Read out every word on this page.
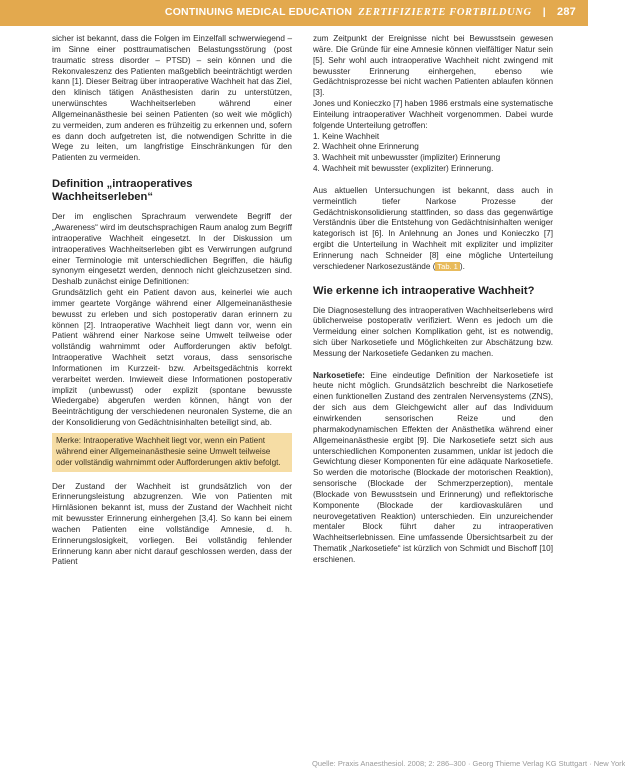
CONTINUING MEDICAL EDUCATION ZERTIFIZIERTE FORTBILDUNG | 287

sicher ist bekannt, dass die Folgen im Einzelfall schwerwiegend – im Sinne einer posttraumatischen Belastungsstörung (post traumatic stress disorder – PTSD) – sein können und die Rekonvaleszenz des Patienten maßgeblich beeinträchtigt werden kann [1]. Dieser Beitrag über intraoperative Wachheit hat das Ziel, den klinisch tätigen Anästhesisten darin zu unterstützen, unerwünschtes Wachheitserleben während einer Allgemeinanästhesie bei seinen Patienten (so weit wie möglich) zu vermeiden, zum anderen es frühzeitig zu erkennen und, sofern es dann doch aufgetreten ist, die notwendigen Schritte in die Wege zu leiten, um langfristige Einschränkungen für den Patienten zu vermeiden.

Definition „intraoperatives Wachheitserleben“

Der im englischen Sprachraum verwendete Begriff der „Awareness“ wird im deutschsprachigen Raum analog zum Begriff intraoperative Wachheit eingesetzt. In der Diskussion um intraoperatives Wachheitserleben gibt es Verwirrungen aufgrund einer Terminologie mit unterschiedlichen Begriffen, die häufig synonym eingesetzt werden, dennoch nicht gleichzusetzen sind. Deshalb zunächst einige Definitionen:

Grundsätzlich geht ein Patient davon aus, keinerlei wie auch immer geartete Vorgänge während einer Allgemeinanästhesie bewusst zu erleben und sich postoperativ daran erinnern zu können [2]. Intraoperative Wachheit liegt dann vor, wenn ein Patient während einer Narkose seine Umwelt teilweise oder vollständig wahrnimmt oder Aufforderungen aktiv befolgt. Intraoperative Wachheit setzt voraus, dass sensorische Informationen im Kurzzeit- bzw. Arbeitsgedächtnis korrekt verarbeitet werden. Inwieweit diese Informationen postoperativ implizit (unbewusst) oder explizit (spontane bewusste Wiedergabe) abgerufen werden können, hängt von der Beeinträchtigung der verschiedenen neuronalen Systeme, die an der Konsolidierung von Gedächtnisinhalten beteiligt sind, ab.

Merke: Intraoperative Wachheit liegt vor, wenn ein Patient während einer Allgemeinanästhesie seine Umwelt teilweise oder vollständig wahrnimmt oder Aufforderungen aktiv befolgt.

Der Zustand der Wachheit ist grundsätzlich von der Erinnerungsleistung abzugrenzen. Wie von Patienten mit Hirnläsionen bekannt ist, muss der Zustand der Wachheit nicht mit bewusster Erinnerung einhergehen [3,4]. So kann bei einem wachen Patienten eine vollständige Amnesie, d. h. Erinnerungslosigkeit, vorliegen. Bei vollständig fehlender Erinnerung kann aber nicht darauf geschlossen werden, dass der Patient

zum Zeitpunkt der Ereignisse nicht bei Bewusstsein gewesen wäre. Die Gründe für eine Amnesie können vielfältiger Natur sein [5]. Sehr wohl auch intraoperative Wachheit nicht zwingend mit bewusster Erinnerung einhergehen, ebenso wie Gedächtnisprozesse bei nicht wachen Patienten ablaufen können [3].

Jones und Konieczko [7] haben 1986 erstmals eine systematische Einteilung intraoperativer Wachheit vorgenommen. Dabei wurde folgende Unterteilung getroffen:

1. Keine Wachheit
2. Wachheit ohne Erinnerung
3. Wachheit mit unbewusster (impliziter) Erinnerung
4. Wachheit mit bewusster (expliziter) Erinnerung.

Aus aktuellen Untersuchungen ist bekannt, dass auch in vermeintlich tiefer Narkose Prozesse der Gedächtniskonsolidierung stattfinden, so dass das gegenwärtige Verständnis über die Entstehung von Gedächtnisinhalten weniger kategorisch ist [6]. In Anlehnung an Jones und Konieczko [7] ergibt die Unterteilung in Wachheit mit expliziter und impliziter Erinnerung nach Schneider [8] eine mögliche Unterteilung verschiedener Narkosezustände ( Tab. 1 ).

Wie erkenne ich intraoperative Wachheit?

Die Diagnosestellung des intraoperativen Wachheitserlebens wird üblicherweise postoperativ verifiziert. Wenn es jedoch um die Vermeidung einer solchen Komplikation geht, ist es notwendig, sich über Narkosetiefe und Möglichkeiten zur Abschätzung bzw. Messung der Narkosetiefe Gedanken zu machen.

Narkosetiefe: Eine eindeutige Definition der Narkosetiefe ist heute nicht möglich. Grundsätzlich beschreibt die Narkosetiefe einen funktionellen Zustand des zentralen Nervensystems (ZNS), der sich aus dem Gleichgewicht aller auf das Individuum einwirkenden sensorischen Reize und den pharmakodynamischen Effekten der Anästhetika während einer Allgemeinanästhesie ergibt [9]. Die Narkosetiefe setzt sich aus unterschiedlichen Komponenten zusammen, unklar ist jedoch die Gewichtung dieser Komponenten für eine adäquate Narkosetiefe. So werden die motorische (Blockade der motorischen Reaktion), sensorische (Blockade der Schmerzperzeption), mentale (Blockade von Bewusstsein und Erinnerung) und reflektorische Komponente (Blockade der kardiovaskulären und neurovegetativen Reaktion) unterschieden. Ein unzureichender mentaler Block führt daher zu intraoperativen Wachheitserlebnissen. Eine umfassende Übersichtsarbeit zu der Thematik „Narkosetiefe“ ist kürzlich von Schmidt und Bischoff [10] erschienen.

Quelle: Praxis Anaesthesiol. 2008; 2: 286–300 · Georg Thieme Verlag KG Stuttgart · New York
